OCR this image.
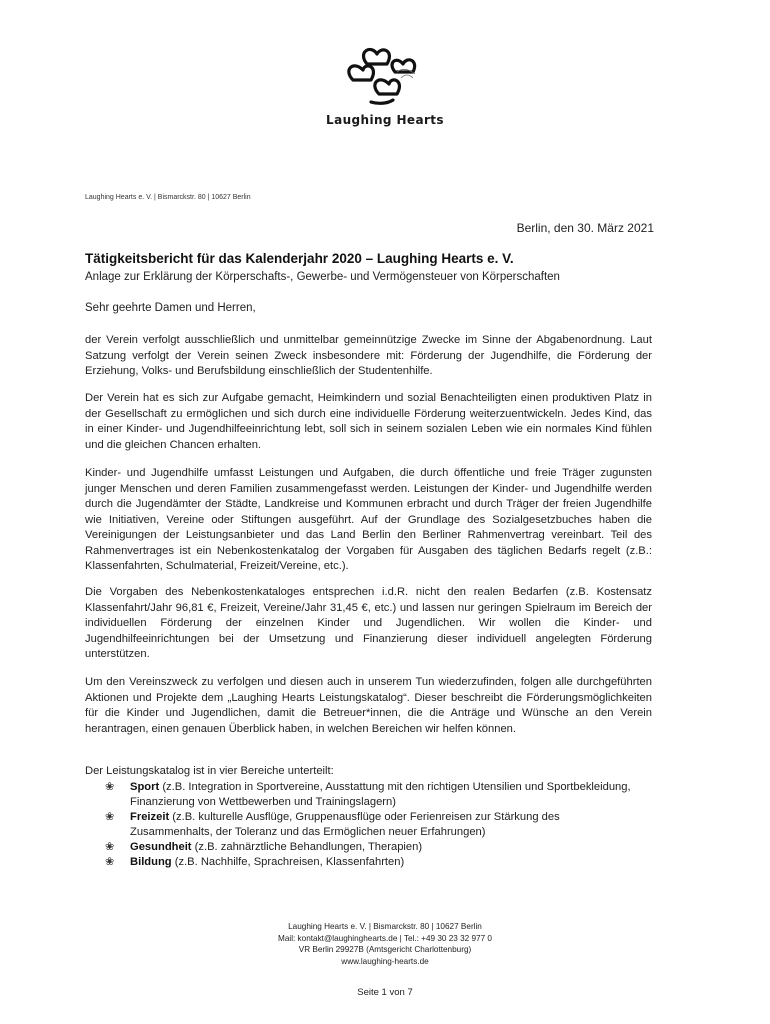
Laughing Hearts
Laughing Hearts e. V. | Bismarckstr. 80 | 10627 Berlin
Berlin, den 30. März 2021
Tätigkeitsbericht für das Kalenderjahr 2020 – Laughing Hearts e. V.
Anlage zur Erklärung der Körperschafts-, Gewerbe- und Vermögensteuer von Körperschaften
Sehr geehrte Damen und Herren,

der Verein verfolgt ausschließlich und unmittelbar gemeinnützige Zwecke im Sinne der Abgabenordnung. Laut Satzung verfolgt der Verein seinen Zweck insbesondere mit: Förderung der Jugendhilfe, die Förderung der Erziehung, Volks- und Berufsbildung einschließlich der Studentenhilfe.

Der Verein hat es sich zur Aufgabe gemacht, Heimkindern und sozial Benachteiligten einen produktiven Platz in der Gesellschaft zu ermöglichen und sich durch eine individuelle Förderung weiterzuentwickeln. Jedes Kind, das in einer Kinder- und Jugendhilfeeinrichtung lebt, soll sich in seinem sozialen Leben wie ein normales Kind fühlen und die gleichen Chancen erhalten.

Kinder- und Jugendhilfe umfasst Leistungen und Aufgaben, die durch öffentliche und freie Träger zugunsten junger Menschen und deren Familien zusammengefasst werden. Leistungen der Kinder- und Jugendhilfe werden durch die Jugendämter der Städte, Landkreise und Kommunen erbracht und durch Träger der freien Jugendhilfe wie Initiativen, Vereine oder Stiftungen ausgeführt. Auf der Grundlage des Sozialgesetzbuches haben die Vereinigungen der Leistungsanbieter und das Land Berlin den Berliner Rahmenvertrag vereinbart. Teil des Rahmenvertrages ist ein Nebenkostenkatalog der Vorgaben für Ausgaben des täglichen Bedarfs regelt (z.B.: Klassenfahrten, Schulmaterial, Freizeit/Vereine, etc.).

Die Vorgaben des Nebenkostenkataloges entsprechen i.d.R. nicht den realen Bedarfen (z.B. Kostensatz Klassenfahrt/Jahr 96,81 €, Freizeit, Vereine/Jahr 31,45 €, etc.) und lassen nur geringen Spielraum im Bereich der individuellen Förderung der einzelnen Kinder und Jugendlichen. Wir wollen die Kinder- und Jugendhilfeeinrichtungen bei der Umsetzung und Finanzierung dieser individuell angelegten Förderung unterstützen.

Um den Vereinszweck zu verfolgen und diesen auch in unserem Tun wiederzufinden, folgen alle durchgeführten Aktionen und Projekte dem „Laughing Hearts Leistungskatalog“. Dieser beschreibt die Förderungsmöglichkeiten für die Kinder und Jugendlichen, damit die Betreuer*innen, die die Anträge und Wünsche an den Verein herantragen, einen genauen Überblick haben, in welchen Bereichen wir helfen können.

Der Leistungskatalog ist in vier Bereiche unterteilt:
❀ Sport (z.B. Integration in Sportvereine, Ausstattung mit den richtigen Utensilien und Sportbekleidung, Finanzierung von Wettbewerben und Trainingslagern)
❀ Freizeit (z.B. kulturelle Ausflüge, Gruppenausflüge oder Ferienreisen zur Stärkung des Zusammenhalts, der Toleranz und das Ermöglichen neuer Erfahrungen)
❀ Gesundheit (z.B. zahnärztliche Behandlungen, Therapien)
❀ Bildung (z.B. Nachhilfe, Sprachreisen, Klassenfahrten)
Laughing Hearts e. V. | Bismarckstr. 80 | 10627 Berlin
Mail: kontakt@laughinghearts.de | Tel.: +49 30 23 32 977 0
VR Berlin 29927B (Amtsgericht Charlottenburg)
www.laughing-hearts.de
Seite 1 von 7
